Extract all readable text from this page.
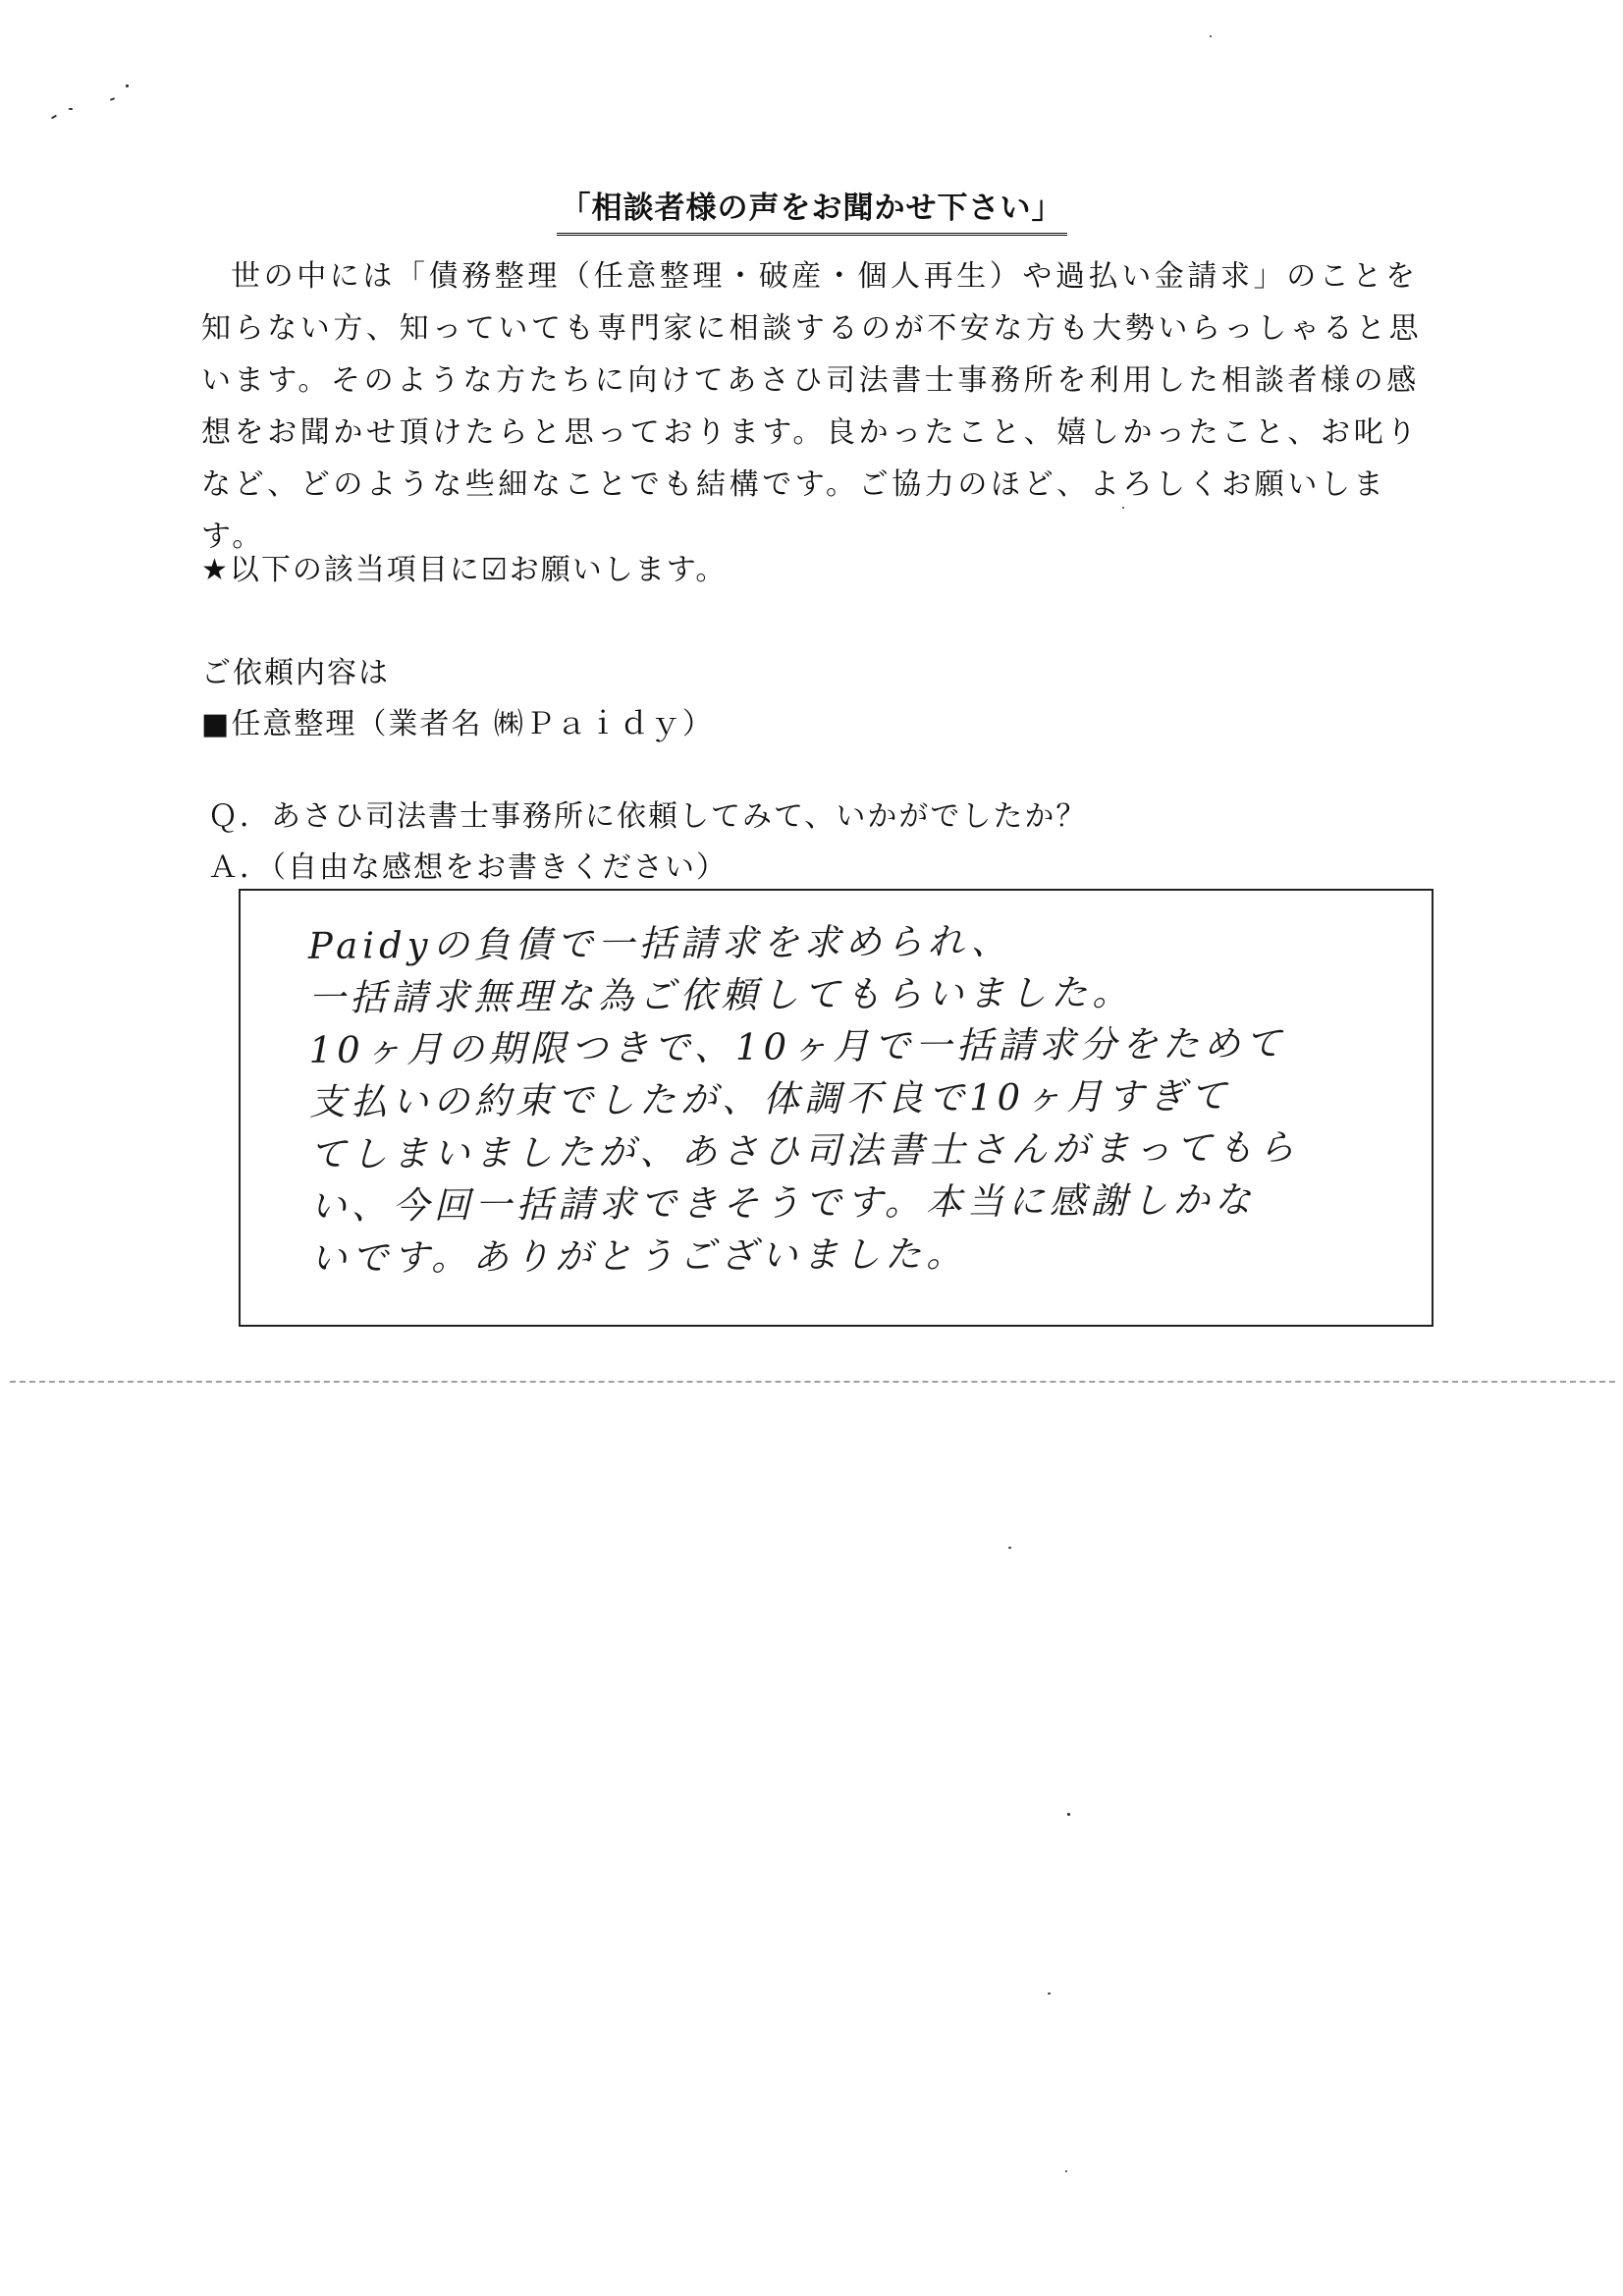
「相談者様の声をお聞かせ下さい」

世の中には「債務整理（任意整理・破産・個人再生）や過払い金請求」のことを知らない方、知っていても専門家に相談するのが不安な方も大勢いらっしゃると思います。そのような方たちに向けてあさひ司法書士事務所を利用した相談者様の感想をお聞かせ頂けたらと思っております。良かったこと、嬉しかったこと、お叱りなど、どのような些細なことでも結構です。ご協力のほど、よろしくお願いします。

★以下の該当項目に☑お願いします。
ご依頼内容は
■任意整理（業者名 ㈱Ｐａｉｄｙ）
Ｑ．あさひ司法書士事務所に依頼してみて、いかがでしたか？
Ａ．（自由な感想をお書きください）
Paidyの負債で一括請求を求められ、
一括請求無理な為ご依頼してもらいました。
10ヶ月の期限つきで、10ヶ月で一括請求分をためて
支払いの約束でしたが、体調不良で10ヶ月すぎて
てしまいましたが、あさひ司法書士さんがまってもら
い、今回一括請求できそうです。本当に感謝しかな
いです。ありがとうございました。
